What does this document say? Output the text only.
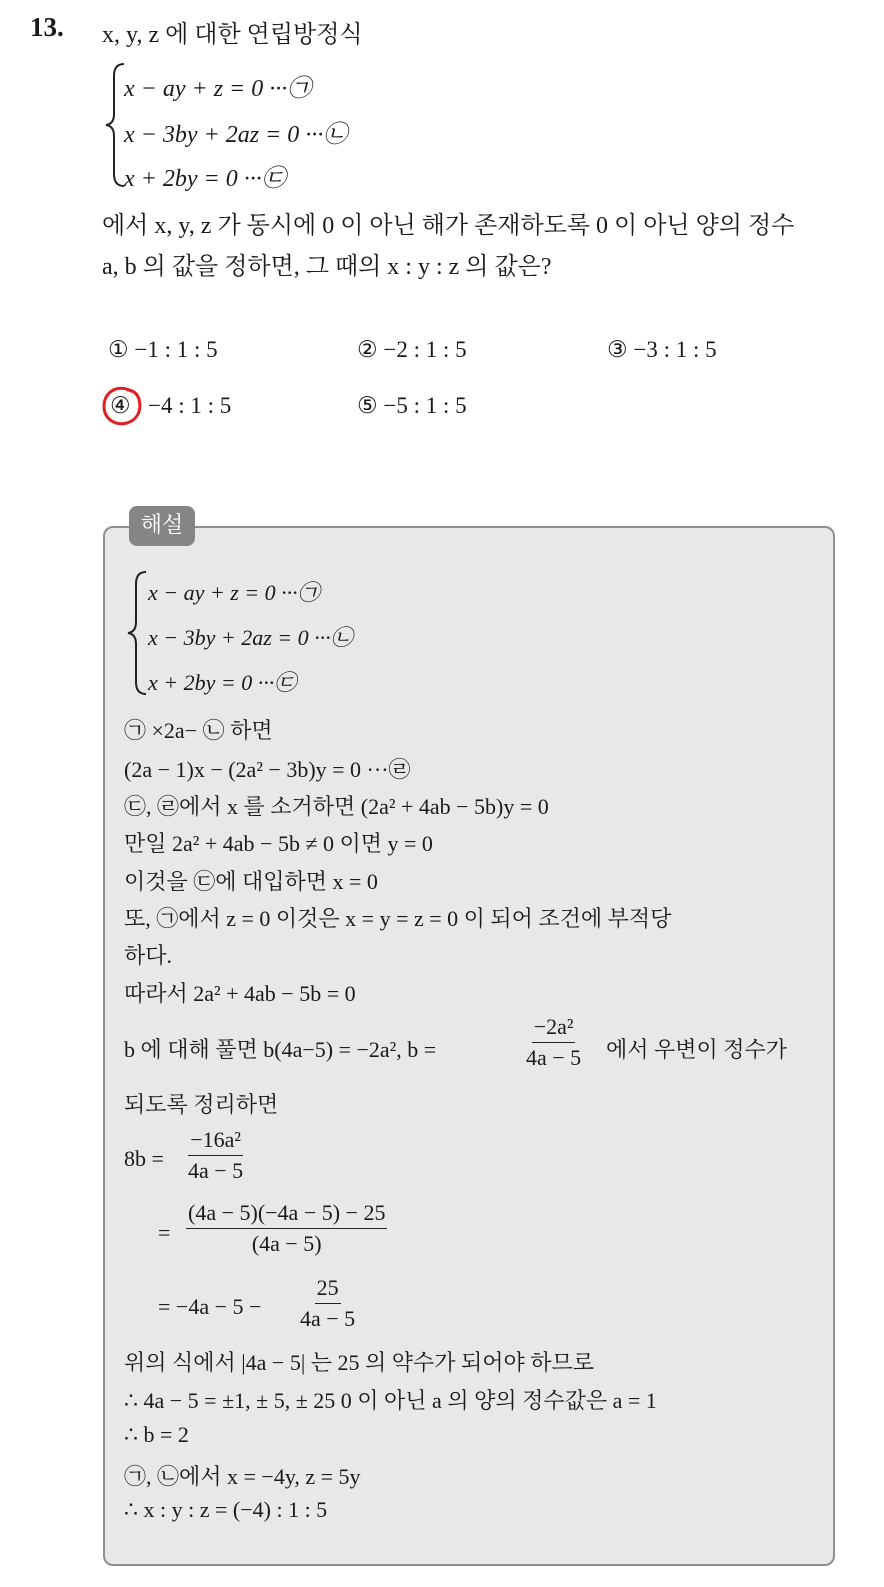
13. x, y, z 에 대한 연립방정식
x − ay + z = 0 ···㉠
x − 3by + 2az = 0 ···㉡
x + 2by = 0 ···㉢
에서 x, y, z 가 동시에 0 이 아닌 해가 존재하도록 0 이 아닌 양의 정수
a, b 의 값을 정하면, 그 때의 x : y : z 의 값은?
① −1 : 1 : 5	② −2 : 1 : 5	③ −3 : 1 : 5
④ −4 : 1 : 5	⑤ −5 : 1 : 5
해설
x − ay + z = 0 ···㉠
x − 3by + 2az = 0 ···㉡
x + 2by = 0 ···㉢
㉠ ×2a− ㉡ 하면
(2a − 1)x − (2a² − 3b)y = 0 ···㉣
㉢, ㉣에서 x 를 소거하면 (2a² + 4ab − 5b)y = 0
만일 2a² + 4ab − 5b ≠ 0 이면 y = 0
이것을 ㉢에 대입하면 x = 0
또, ㉠에서 z = 0 이것은 x = y = z = 0 이 되어 조건에 부적당
하다.
따라서 2a² + 4ab − 5b = 0
b 에 대해 풀면 b(4a−5) = −2a², b =	$\frac{\text{−2a²}}{4a - 5}$ 에서 우변이 정수가
되도록 정리하면
$8b = \frac{\text{−16a²}}{4a - 5}$
= $\frac{(4a - 5)(-4a - 5) - 25}{(4a - 5)}$
= $-4a - 5 - \frac{25}{4a - 5}$
위의 식에서 |4a − 5| 는 25 의 약수가 되어야 하므로
∴ 4a − 5 = ±1, ± 5, ± 25 0 이 아닌 a 의 양의 정수값은 a = 1
∴ b = 2
㉠, ㉡에서 x = −4y, z = 5y
∴ x : y : z = (−4) : 1 : 5
